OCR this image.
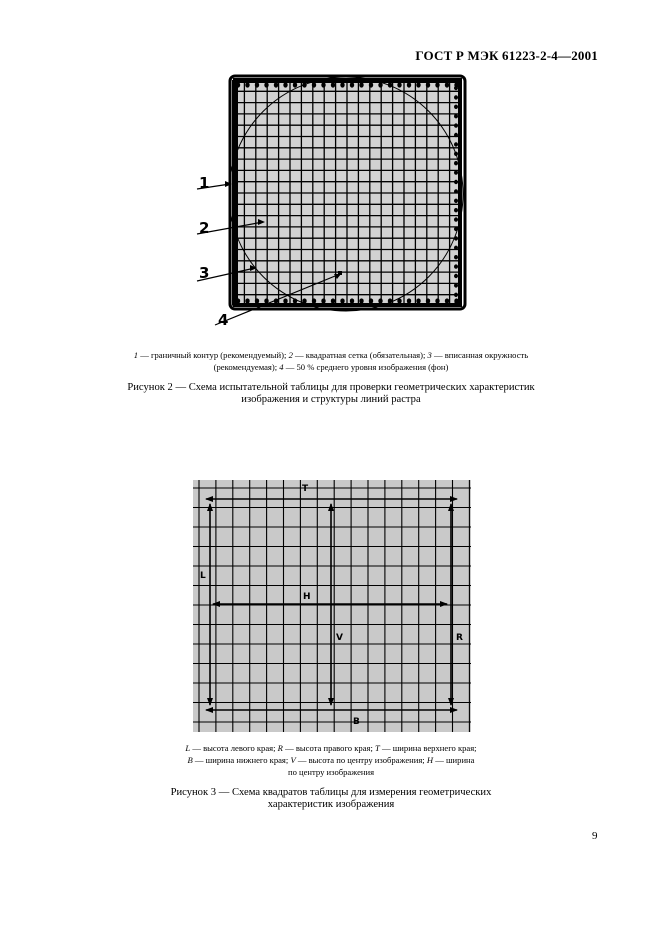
ГОСТ Р МЭК 61223-2-4—2001
1
2
3
4
1 — граничный контур (рекомендуемый); 2 — квадратная сетка (обязательная); 3 — вписанная окружность
(рекомендуемая); 4 — 50 % среднего уровня изображения (фон)
Рисунок 2 — Схема испытательной таблицы для проверки геометрических характеристик
изображения и структуры линий растра
T
L
H
V	R
B
L — высота левого края; R — высота правого края; T — ширина верхнего края;
B — ширина нижнего края; V — высота по центру изображения; H — ширина
по центру изображения
Рисунок 3 — Схема квадратов таблицы для измерения геометрических
характеристик изображения
9
